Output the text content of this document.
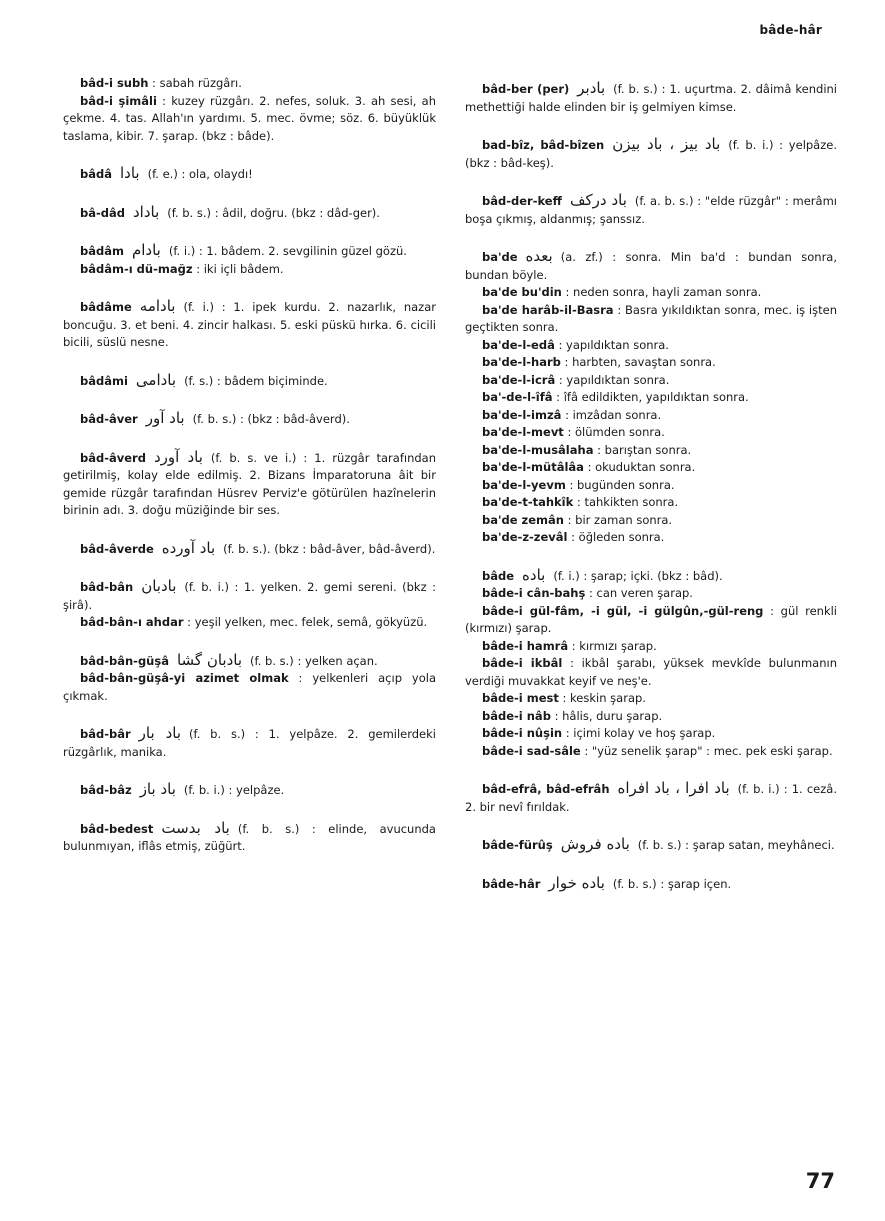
bâde-hâr
bâd-i subh : sabah rüzgârı.
bâd-i şimâli : kuzey rüzgârı. 2. nefes, soluk. 3. ah sesi, ah çekme. 4. tas. Allah'ın yardımı. 5. mec. övme; söz. 6. büyüklük taslama, kibir. 7. şarap. (bkz : bâde).
bâdâ بادا (f. e.) : ola, olaydı!
bâ-dâd باداد (f. b. s.) : âdil, doğru. (bkz : dâd-ger).
bâdâm بادام (f. i.) : 1. bâdem. 2. sevgilinin güzel gözü.
bâdâm-ı dü-mağz : iki içli bâdem.
bâdâme بادامه (f. i.) : 1. ipek kurdu. 2. nazarlık, nazar boncuğu. 3. et beni. 4. zincir halkası. 5. eski püskü hırka. 6. cicili bicili, süslü nesne.
bâdâmi بادامى (f. s.) : bâdem biçiminde.
bâd-âver باد آور (f. b. s.) : (bkz : bâd-âverd).
bâd-âverd باد آورد (f. b. s. ve i.) : 1. rüzgâr tarafından getirilmiş, kolay elde edilmiş. 2. Bizans İmparatoruna âit bir gemide rüzgâr tarafından Hüsrev Perviz'e götürülen hazînelerin birinin adı. 3. doğu müziğinde bir ses.
bâd-âverde باد آورده (f. b. s.). (bkz : bâd-âver, bâd-âverd).
bâd-bân بادبان (f. b. i.) : 1. yelken. 2. gemi sereni. (bkz : şirâ).
bâd-bân-ı ahdar : yeşil yelken, mec. felek, semâ, gökyüzü.
bâd-bân-güşâ بادبان گشا (f. b. s.) : yelken açan.
bâd-bân-güşâ-yi azimet olmak : yelkenleri açıp yola çıkmak.
bâd-bâr باد بار (f. b. s.) : 1. yelpâze. 2. gemilerdeki rüzgârlık, manika.
bâd-bâz باد باز (f. b. i.) : yelpâze.
bâd-bedest باد بدست (f. b. s.) : elinde, avucunda bulunmıyan, iflâs etmiş, züğürt.
bâd-ber (per) بادبر (f. b. s.) : 1. uçurtma. 2. dâimâ kendini methettiği halde elinden bir iş gelmiyen kimse.
bad-bîz, bâd-bîzen باد بيز ، باد بيزن (f. b. i.) : yelpâze. (bkz : bâd-keş).
bâd-der-keff باد دركف (f. a. b. s.) : "elde rüzgâr" : merâmı boşa çıkmış, aldanmış; şanssız.
ba'de بعده (a. zf.) : sonra. Min ba'd : bundan sonra, bundan böyle.
ba'de bu'din : neden sonra, hayli zaman sonra.
ba'de harâb-il-Basra : Basra yıkıldıktan sonra, mec. iş işten geçtikten sonra.
ba'de-l-edâ : yapıldıktan sonra.
ba'de-l-harb : harbten, savaştan sonra.
ba'de-l-icrâ : yapıldıktan sonra.
ba'-de-l-îfâ : îfâ edildikten, yapıldıktan sonra.
ba'de-l-imzâ : imzâdan sonra.
ba'de-l-mevt : ölümden sonra.
ba'de-l-musâlaha : barıştan sonra.
ba'de-l-mütâlâa : okuduktan sonra.
ba'de-l-yevm : bugünden sonra.
ba'de-t-tahkîk : tahkikten sonra.
ba'de zemân : bir zaman sonra.
ba'de-z-zevâl : öğleden sonra.
bâde باده (f. i.) : şarap; içki. (bkz : bâd).
bâde-i cân-bahş : can veren şarap.
bâde-i gül-fâm, -i gül, -i gülgûn,-gül-reng : gül renkli (kırmızı) şarap.
bâde-i hamrâ : kırmızı şarap.
bâde-i ikbâl : ikbâl şarabı, yüksek mevkîde bulunmanın verdiği muvakkat keyif ve neş'e.
bâde-i mest : keskin şarap.
bâde-i nâb : hâlis, duru şarap.
bâde-i nûşin : içimi kolay ve hoş şarap.
bâde-i sad-sâle : "yüz senelik şarap" : mec. pek eski şarap.
bâd-efrâ, bâd-efrâh باد افرا ، باد افراه (f. b. i.) : 1. cezâ. 2. bir nevî fırıldak.
bâde-fürûş باده فروش (f. b. s.) : şarap satan, meyhâneci.
bâde-hâr باده خوار (f. b. s.) : şarap içen.
77
